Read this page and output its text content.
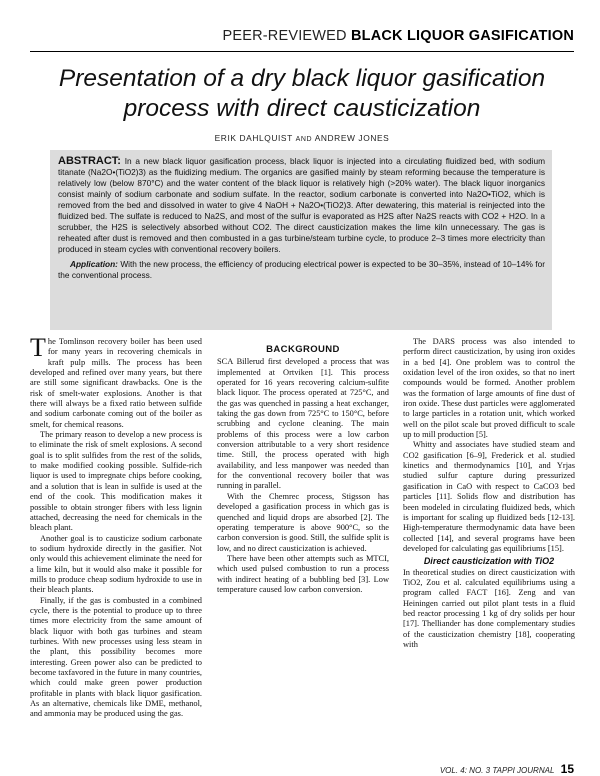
PEER-REVIEWED BLACK LIQUOR GASIFICATION
Presentation of a dry black liquor gasification process with direct causticization
ERIK DAHLQUIST AND ANDREW JONES

ABSTRACT: In a new black liquor gasification process, black liquor is injected into a circulating fluidized bed, with sodium titanate (Na2O•(TiO2)3) as the fluidizing medium. The organics are gasified mainly by steam reforming because the temperature is relatively low (below 870°C) and the water content of the black liquor is relatively high (>20% water). The black liquor inorganics consist mainly of sodium carbonate and sodium sulfate. In the reactor, sodium carbonate is converted into Na2O•TiO2, which is removed from the bed and dissolved in water to give 4 NaOH + Na2O•(TiO2)3. After dewatering, this material is reinjected into the fluidized bed. The sulfate is reduced to Na2S, and most of the sulfur is evaporated as H2S after Na2S reacts with CO2 + H2O. In a scrubber, the H2S is selectively absorbed without CO2. The direct causticization makes the lime kiln unnecessary. The gas is reheated after dust is removed and then combusted in a gas turbine/steam turbine cycle, to produce 2–3 times more electricity than produced in steam cycles with conventional recovery boilers.

Application: With the new process, the efficiency of producing electrical power is expected to be 30–35%, instead of 10–14% for the conventional process.

The Tomlinson recovery boiler has been used for many years in recovering chemicals in kraft pulp mills. The process has been developed and refined over many years, but there are still some significant drawbacks. One is the risk of smelt-water explosions. Another is that there will always be a fixed ratio between sulfide and sodium carbonate coming out of the boiler as smelt, for chemical reasons.

The primary reason to develop a new process is to eliminate the risk of smelt explosions. A second goal is to split sulfides from the rest of the solids, to make modified cooking possible. Sulfide-rich liquor is used to impregnate chips before cooking, and a solution that is lean in sulfide is used at the end of the cook. This modification makes it possible to obtain stronger fibers with less lignin attached, decreasing the need for chemicals in the bleach plant.

Another goal is to causticize sodium carbonate to sodium hydroxide directly in the gasifier. Not only would this achievement eliminate the need for a lime kiln, but it would also make it possible for mills to produce cheap sodium hydroxide to use in their bleach plants.

Finally, if the gas is combusted in a combined cycle, there is the potential to produce up to three times more electricity from the same amount of black liquor with both gas turbines and steam turbines. With new processes using less steam in the plant, this possibility becomes more interesting. Green power also can be predicted to become taxfavored in the future in many countries, which could make green power production profitable in plants with black liquor gasification. As an alternative, chemicals like DME, methanol, and ammonia may be produced using the gas.

BACKGROUND

SCA Billerud first developed a process that was implemented at Ortviken [1]. This process operated for 16 years recovering calcium-sulfite black liquor. The process operated at 725°C, and the gas was quenched in passing a heat exchanger, taking the gas down from 725°C to 150°C, before scrubbing and cyclone cleaning. The main problems of this process were a low carbon conversion attributable to a very short residence time. Still, the process operated with high availability, and less manpower was needed than for the conventional recovery boiler that was running in parallel.

With the Chemrec process, Stigsson has developed a gasification process in which gas is quenched and liquid drops are absorbed [2]. The operating temperature is above 900°C, so the carbon conversion is good. Still, the sulfide split is low, and no direct causticization is achieved.

There have been other attempts such as MTCI, which used pulsed combustion to run a process with indirect heating of a bubbling bed [3]. Low temperature caused low carbon conversion.

The DARS process was also intended to perform direct causticization, by using iron oxides in a bed [4]. One problem was to control the oxidation level of the iron oxides, so that no inert compounds would be formed. Another problem was the formation of large amounts of fine dust of iron oxide. These dust particles were agglomerated to large particles in a rotation unit, which worked well on the pilot scale but proved difficult to scale up to mill production [5].

Whitty and associates have studied steam and CO2 gasification [6–9], Frederick et al. studied kinetics and thermodynamics [10], and Yrjas studied sulfur capture during pressurized gasification in CaO with respect to CaCO3 bed particles [11]. Solids flow and distribution has been modeled in circulating fluidized beds, which is important for scaling up fluidized beds [12-13]. High-temperature thermodynamic data have been collected [14], and several programs have been developed for calculating gas equilibriums [15].

Direct causticization with TiO2

In theoretical studies on direct causticization with TiO2, Zou et al. calculated equilibriums using a program called FACT [16]. Zeng and van Heiningen carried out pilot plant tests in a fluid bed reactor processing 1 kg of dry solids per hour [17]. Thelliander has done complementary studies of the causticization chemistry [18], cooperating with

VOL. 4: NO. 3 TAPPI JOURNAL 15
